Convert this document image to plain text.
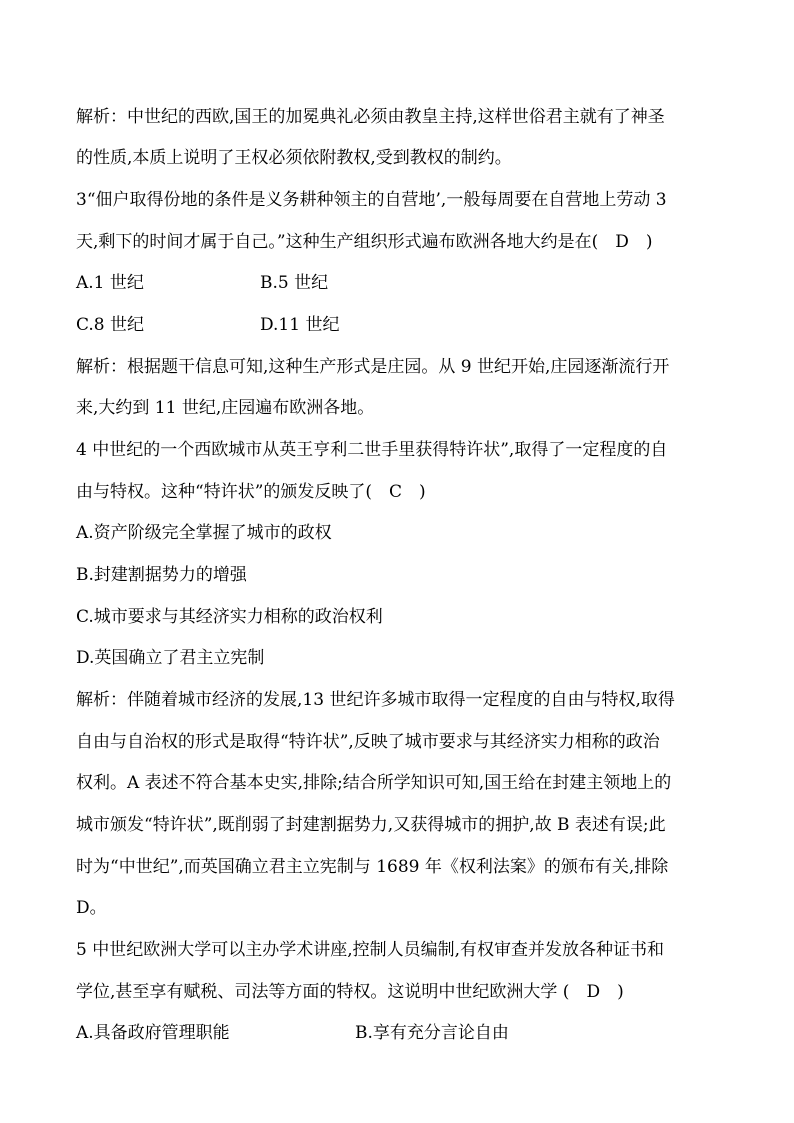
解析：中世纪的西欧,国王的加冕典礼必须由教皇主持,这样世俗君主就有了神圣
的性质,本质上说明了王权必须依附教权,受到教权的制约。
3“佃户取得份地的条件是义务耕种领主的自营地’,一般每周要在自营地上劳动 3
天,剩下的时间才属于自己。”这种生产组织形式遍布欧洲各地大约是在(　D　)
A.1 世纪	B.5 世纪
C.8 世纪	D.11 世纪
解析：根据题干信息可知,这种生产形式是庄园。从 9 世纪开始,庄园逐渐流行开
来,大约到 11 世纪,庄园遍布欧洲各地。
4 中世纪的一个西欧城市从英王亨利二世手里获得特许状”,取得了一定程度的自
由与特权。这种“特许状”的颁发反映了(　C　)
A.资产阶级完全掌握了城市的政权
B.封建割据势力的增强
C.城市要求与其经济实力相称的政治权利
D.英国确立了君主立宪制
解析：伴随着城市经济的发展,13 世纪许多城市取得一定程度的自由与特权,取得
自由与自治权的形式是取得“特许状”,反映了城市要求与其经济实力相称的政治
权利。A 表述不符合基本史实,排除;结合所学知识可知,国王给在封建主领地上的
城市颁发“特许状”,既削弱了封建割据势力,又获得城市的拥护,故 B 表述有误;此
时为“中世纪”,而英国确立君主立宪制与 1689 年《权利法案》的颁布有关,排除
D。
5 中世纪欧洲大学可以主办学术讲座,控制人员编制,有权审查并发放各种证书和
学位,甚至享有赋税、司法等方面的特权。这说明中世纪欧洲大学 (　D　)
A.具备政府管理职能	B.享有充分言论自由
